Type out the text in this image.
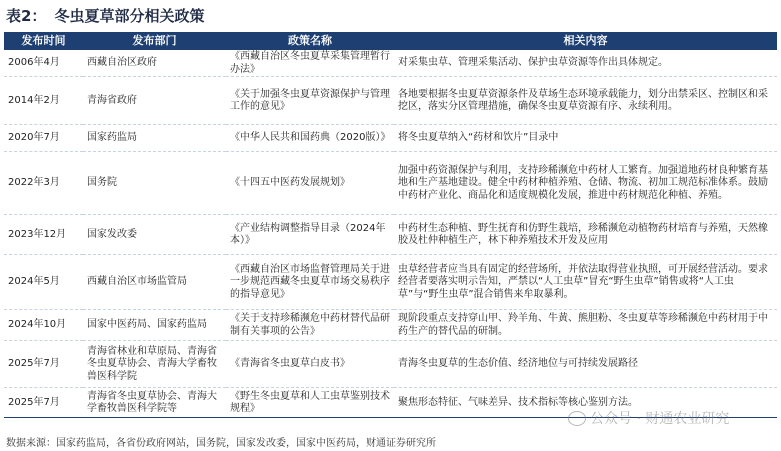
表2： 冬虫夏草部分相关政策
发布时间	发布部门	政策名称	相关内容
2006年4月	西藏自治区政府	《西藏自治区冬虫夏草采集管理暂行办法》	对采集虫草、管理采集活动、保护虫草资源等作出具体规定。
2014年2月	青海省政府	《关于加强冬虫夏草资源保护与管理工作的意见》	各地要根据冬虫夏草资源条件及草场生态环境承载能力，划分出禁采区、控制区和采挖区，落实分区管理措施，确保冬虫夏草资源有序、永续利用。
2020年7月	国家药监局	《中华人民共和国药典（2020版）》	将冬虫夏草纳入“药材和饮片”目录中
2022年3月	国务院	《十四五中医药发展规划》	加强中药资源保护与利用，支持珍稀濒危中药材人工繁育。加强道地药材良种繁育基地和生产基地建设。健全中药材种植养殖、仓储、物流、初加工规范标准体系。鼓励中药材产业化、商品化和适度规模化发展，推进中药材规范化种植、养殖。
2023年12月	国家发改委	《产业结构调整指导目录（2024年本）》	中药材生态种植、野生抚育和仿野生栽培，珍稀濒危动植物药材培育与养殖，天然橡胶及杜仲种植生产，林下种养殖技术开发及应用
2024年5月	西藏自治区市场监管局	《西藏自治区市场监督管理局关于进一步规范西藏冬虫夏草市场交易秩序的指导意见》	虫草经营者应当具有固定的经营场所，并依法取得营业执照，可开展经营活动。要求经营者要落实明示告知，严禁以“人工虫草”冒充“野生虫草”销售或将“人工虫草”与“野生虫草”混合销售来牟取暴利。
2024年10月	国家中医药局、国家药监局	《关于支持珍稀濒危中药材替代品研制有关事项的公告》	现阶段重点支持穿山甲、羚羊角、牛黄、熊胆粉、冬虫夏草等珍稀濒危中药材用于中药生产的替代品的研制。
2025年7月	青海省林业和草原局、青海省冬虫夏草协会、青海大学畜牧兽医科学院	《青海省冬虫夏草白皮书》	青海冬虫夏草的生态价值、经济地位与可持续发展路径
2025年7月	青海省冬虫夏草协会、青海大学畜牧兽医科学院等	《野生冬虫夏草和人工虫草鉴别技术规程》	聚焦形态特征、气味差异、技术指标等核心鉴别方法。
公众号 · 财通农业研究
数据来源：国家药监局，各省份政府网站，国务院，国家发改委，国家中医药局，财通证券研究所
